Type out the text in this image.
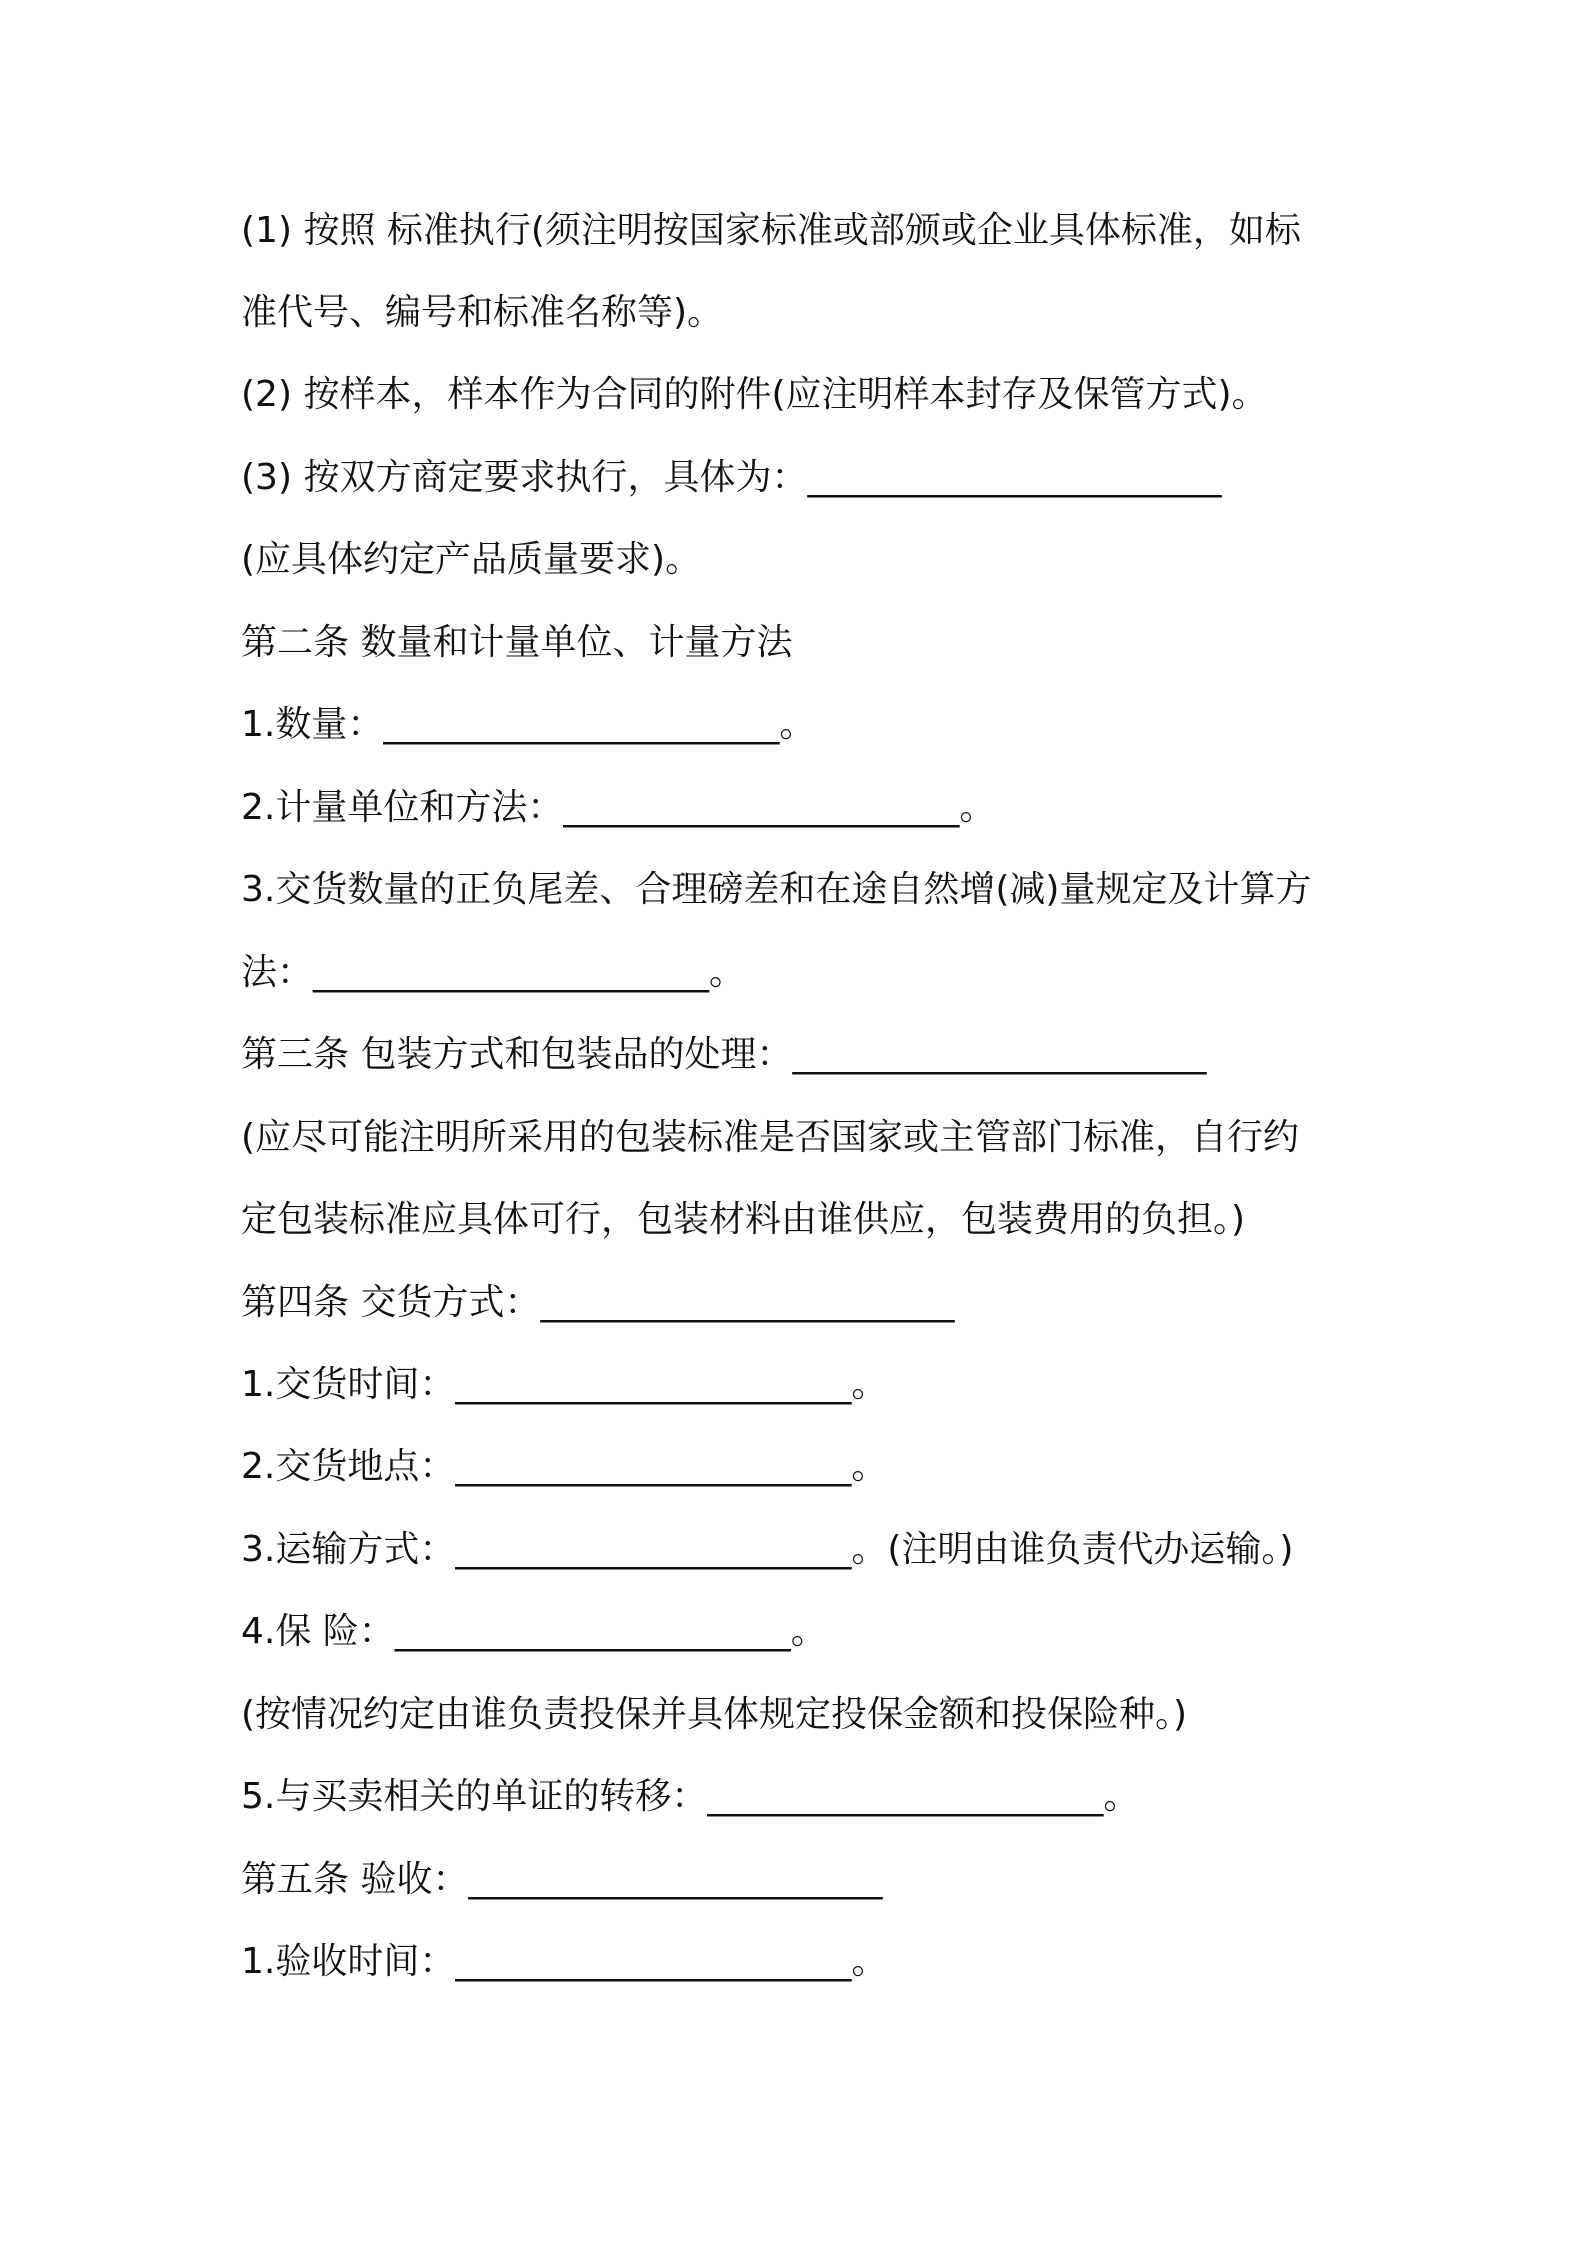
(1) 按照 标准执行(须注明按国家标准或部颁或企业具体标准，如标
准代号、编号和标准名称等)。
(2) 按样本，样本作为合同的附件(应注明样本封存及保管方式)。
(3) 按双方商定要求执行，具体为：_______________________
(应具体约定产品质量要求)。
第二条 数量和计量单位、计量方法
1.数量：______________________。
2.计量单位和方法：______________________。
3.交货数量的正负尾差、合理磅差和在途自然增(减)量规定及计算方
法：______________________。
第三条 包装方式和包装品的处理：_______________________
(应尽可能注明所采用的包装标准是否国家或主管部门标准，自行约
定包装标准应具体可行，包装材料由谁供应，包装费用的负担。)
第四条 交货方式：_______________________
1.交货时间：______________________。
2.交货地点：______________________。
3.运输方式：______________________。(注明由谁负责代办运输。)
4.保 险：______________________。
(按情况约定由谁负责投保并具体规定投保金额和投保险种。)
5.与买卖相关的单证的转移：______________________。
第五条 验收：_______________________
1.验收时间：______________________。
